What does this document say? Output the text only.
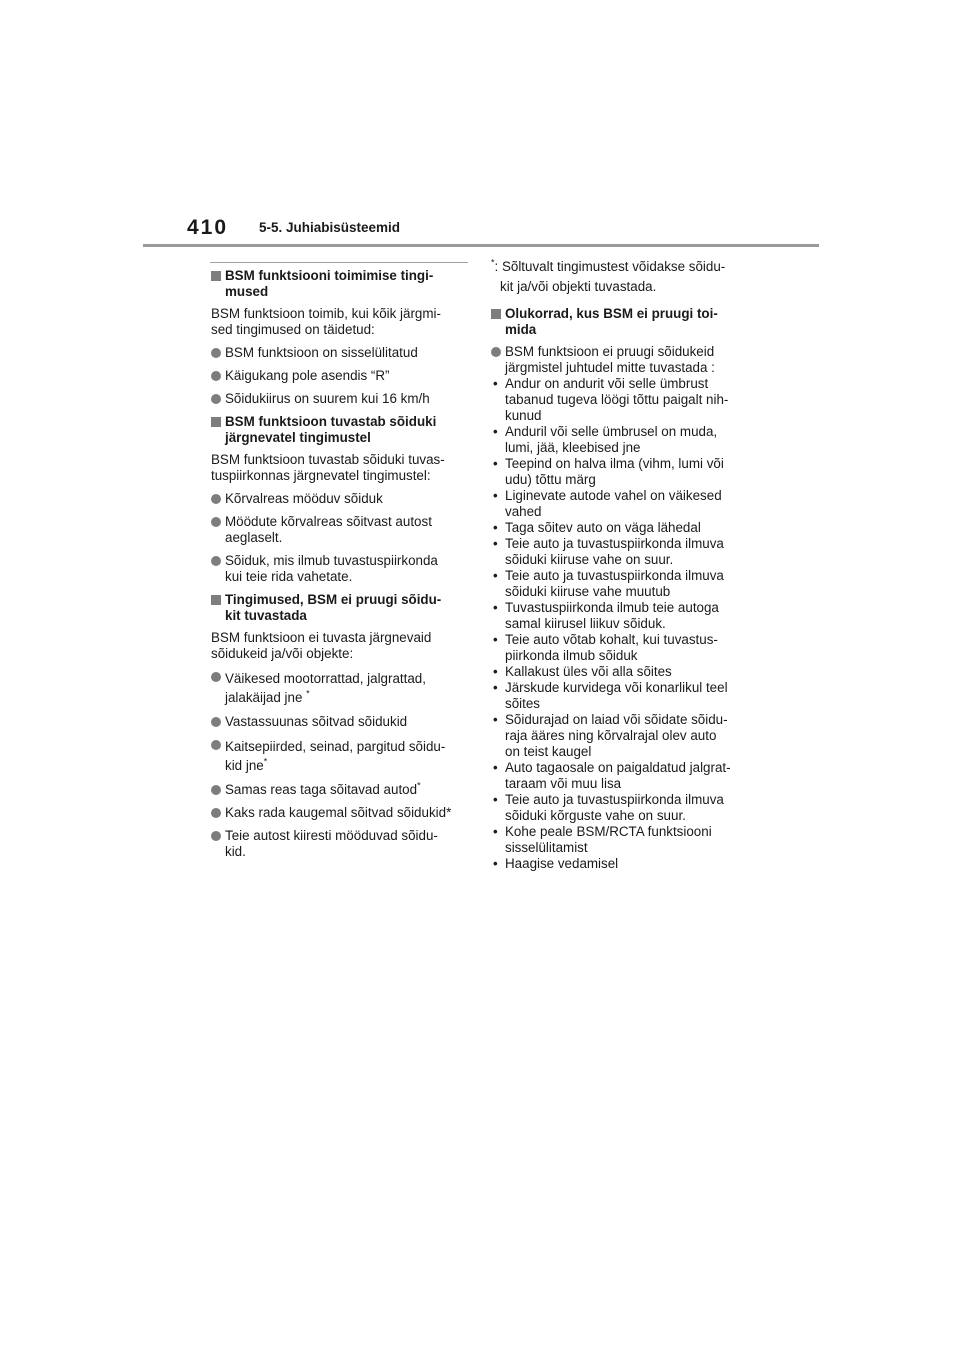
410 5-5. Juhiabisüsteemid
BSM funktsiooni toimimise tingi-
mused
BSM funktsioon toimib, kui kõik järgmi-
sed tingimused on täidetud:
BSM funktsioon on sisselülitatud
Käigukang pole asendis “R”
Sõidukiirus on suurem kui 16 km/h
BSM funktsioon tuvastab sõiduki
järgnevatel tingimustel
BSM funktsioon tuvastab sõiduki tuvas-
tuspiirkonnas järgnevatel tingimustel:
Kõrvalreas mööduv sõiduk
Möödute kõrvalreas sõitvast autost
aeglaselt.
Sõiduk, mis ilmub tuvastuspiirkonda
kui teie rida vahetate.
Tingimused, BSM ei pruugi sõidu-
kit tuvastada
BSM funktsioon ei tuvasta järgnevaid
sõidukeid ja/või objekte:
Väikesed mootorrattad, jalgrattad,
jalakäijad jne *
Vastassuunas sõitvad sõidukid
Kaitsepiirded, seinad, pargitud sõidu-
kid jne*
Samas reas taga sõitavad autod*
Kaks rada kaugemal sõitvad sõidukid*
Teie autost kiiresti mööduvad sõidu-
kid.
*: Sõltuvalt tingimustest võidakse sõidu-
kit ja/või objekti tuvastada.
Olukorrad, kus BSM ei pruugi toi-
mida
BSM funktsioon ei pruugi sõidukeid
järgmistel juhtudel mitte tuvastada :
• Andur on andurit või selle ümbrust
tabanud tugeva löögi tõttu paigalt nih-
kunud
• Anduril või selle ümbrusel on muda,
lumi, jää, kleebised jne
• Teepind on halva ilma (vihm, lumi või
udu) tõttu märg
• Liginevate autode vahel on väikesed
vahed
• Taga sõitev auto on väga lähedal
• Teie auto ja tuvastuspiirkonda ilmuva
sõiduki kiiruse vahe on suur.
• Teie auto ja tuvastuspiirkonda ilmuva
sõiduki kiiruse vahe muutub
• Tuvastuspiirkonda ilmub teie autoga
samal kiirusel liikuv sõiduk.
• Teie auto võtab kohalt, kui tuvastus-
piirkonda ilmub sõiduk
• Kallakust üles või alla sõites
• Järskude kurvidega või konarlikul teel
sõites
• Sõidurajad on laiad või sõidate sõidu-
raja ääres ning kõrvalrajal olev auto
on teist kaugel
• Auto tagaosale on paigaldatud jalgrat-
taraam või muu lisa
• Teie auto ja tuvastuspiirkonda ilmuva
sõiduki kõrguste vahe on suur.
• Kohe peale BSM/RCTA funktsiooni
sisselülitamist
• Haagise vedamisel
